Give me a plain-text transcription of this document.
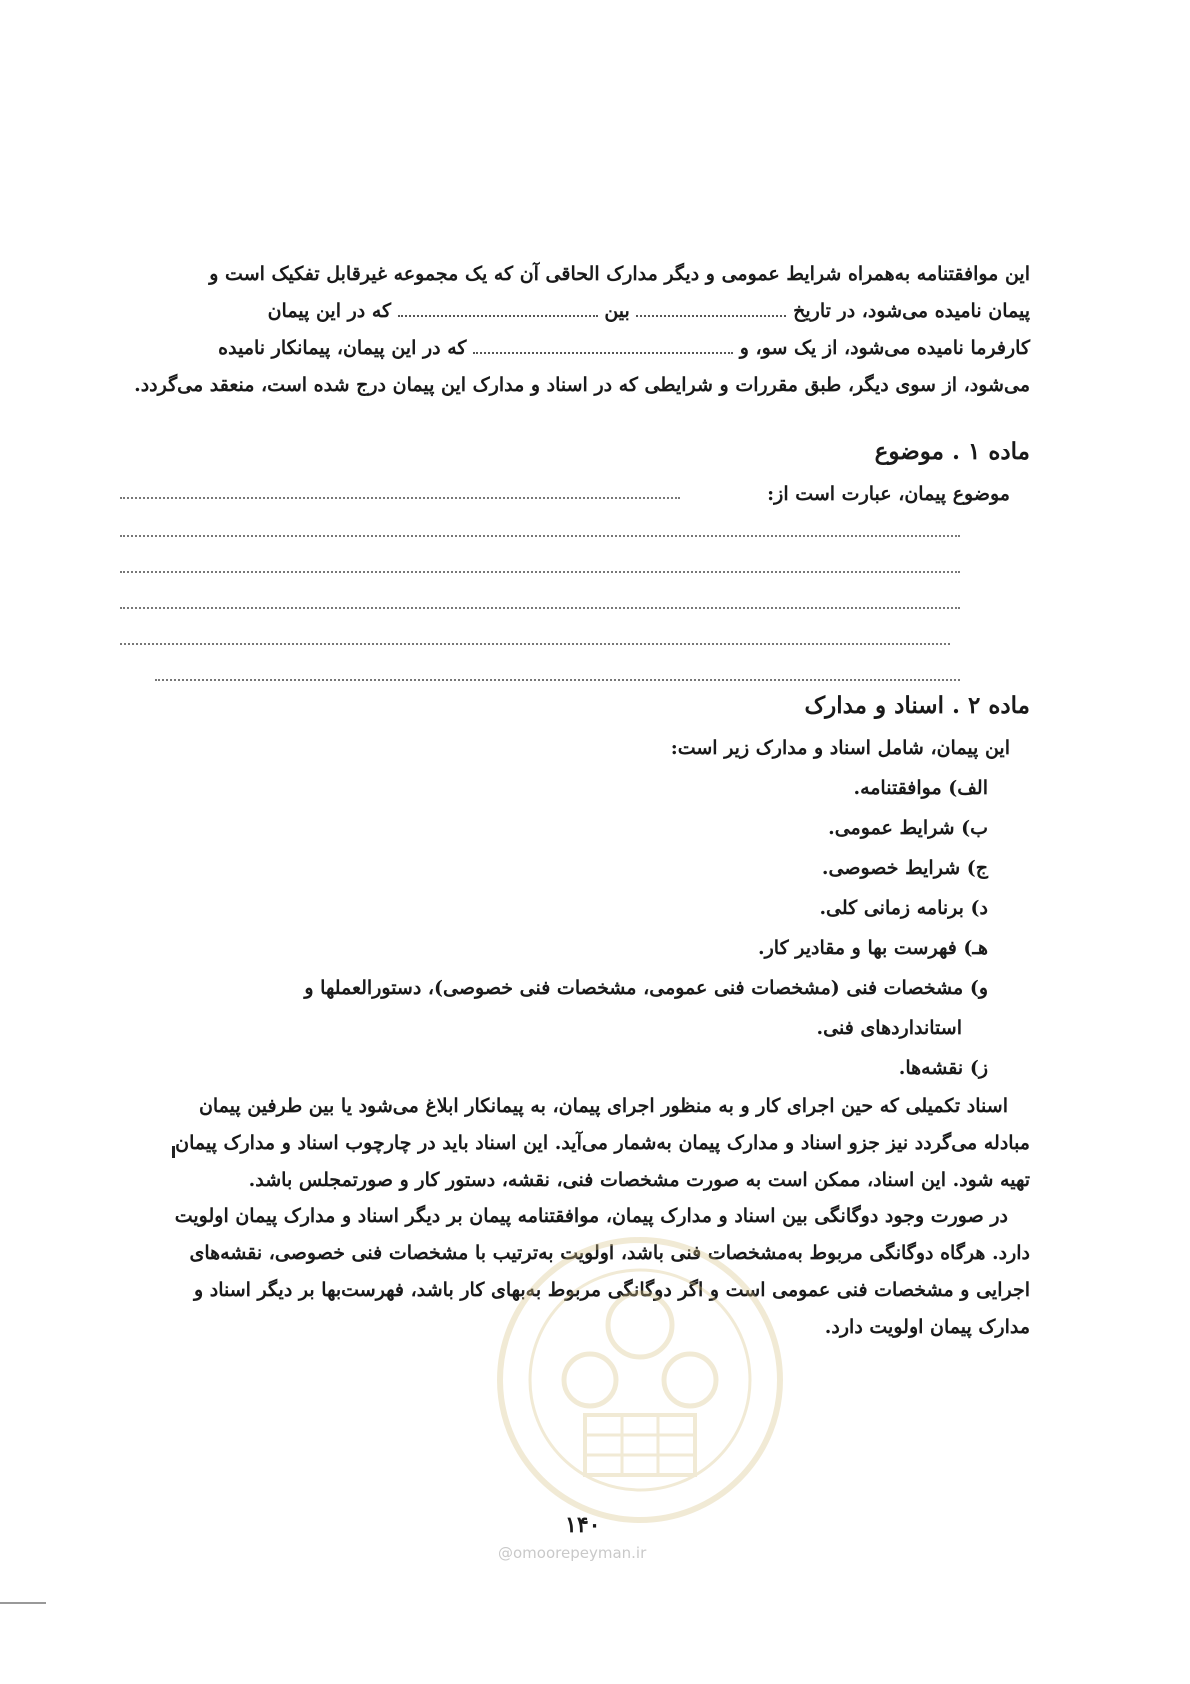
این موافقتنامه به‌همراه شرایط عمومی و دیگر مدارک الحاقی آن که یک مجموعه غیرقابل تفکیک است و
پیمان نامیده می‌شود، در تاریخ  بین  که در این پیمان
کارفرما نامیده می‌شود، از یک سو، و  که در این پیمان، پیمانکار نامیده
می‌شود، از سوی دیگر، طبق مقررات و شرایطی که در اسناد و مدارک این پیمان درج شده است، منعقد می‌گردد.
ماده ۱ . موضوع
موضوع پیمان، عبارت است از:
ماده ۲ . اسناد و مدارک
این پیمان، شامل اسناد و مدارک زیر است:
الف) موافقتنامه.
ب) شرایط عمومی.
ج) شرایط خصوصی.
د) برنامه زمانی کلی.
هـ) فهرست بها و مقادیر کار.
و) مشخصات فنی (مشخصات فنی عمومی، مشخصات فنی خصوصی)، دستورالعملها و
استانداردهای فنی.
ز) نقشه‌ها.
اسناد تکمیلی که حین اجرای کار و به منظور اجرای پیمان، به پیمانکار ابلاغ می‌شود یا بین طرفین پیمان
مبادله می‌گردد نیز جزو اسناد و مدارک پیمان به‌شمار می‌آید. این اسناد باید در چارچوب اسناد و مدارک پیمان
تهیه شود. این اسناد، ممکن است به صورت مشخصات فنی، نقشه، دستور کار و صورتمجلس باشد.
در صورت وجود دوگانگی بین اسناد و مدارک پیمان، موافقتنامه پیمان بر دیگر اسناد و مدارک پیمان اولویت
دارد. هرگاه دوگانگی مربوط به‌مشخصات فنی باشد، اولویت به‌ترتیب با مشخصات فنی خصوصی، نقشه‌های
اجرایی و مشخصات فنی عمومی است و اگر دوگانگی مربوط به‌بهای کار باشد، فهرست‌بها بر دیگر اسناد و
مدارک پیمان اولویت دارد.
۱۴۰
@omoorepeyman.ir
